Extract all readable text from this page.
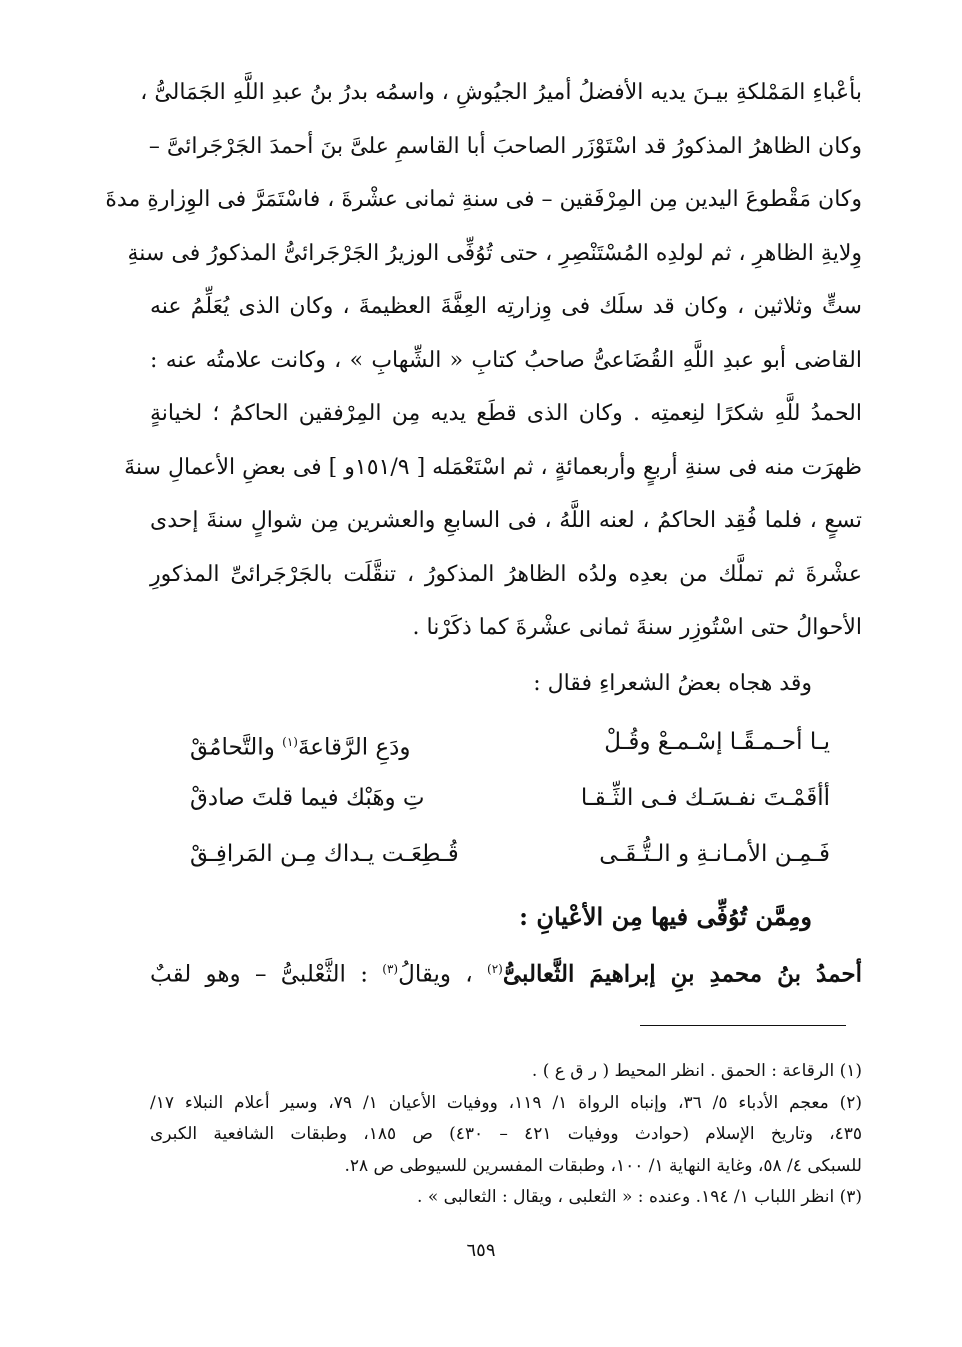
بأعْباءِ المَمْلكةِ بيـنَ يديه الأفضلُ أميرُ الجيُوشِ ، واسمُه بدرُ بنُ عبدِ اللَّهِ الجَمَالىُّ ،
وكان الظاهرُ المذكورُ قد اسْتَوْزَر الصاحبَ أبا القاسمِ علىَّ بنَ أحمدَ الجَرْجَرائىَّ –
وكان مَقْطوعَ اليدين مِن المِرْفَقين – فى سنةِ ثمانى عشْرةَ ، فاسْتَمَرَّ فى الوِزارةِ مدةَ
وِلايةِ الظاهرِ ، ثم لولدِه المُسْتَنْصِرِ ، حتى تُوُفِّى الوزيرُ الجَرْجَرائىُّ المذكورُ فى سنةِ
ستٍّ وثلاثين ، وكان قد سلَك فى وِزارتِه العِفَّةَ العظيمةَ ، وكان الذى يُعَلِّمُ عنه
القاضى أبو عبدِ اللَّهِ القُضَاعىُّ صاحبُ كتابِ « الشِّهابِ » ، وكانت علامتُه عنه :
الحمدُ للَّهِ شكرًا لنِعمتِه . وكان الذى قطَع يديه مِن المِرْفقين الحاكمُ ؛ لخيانةٍ
ظهرَت منه فى سنةِ أربعٍ وأربعمائةٍ ، ثم اسْتَعْمَله [ ١٥١/٩و ] فى بعضِ الأعمالِ سنةَ
تسعٍ ، فلما فُقِد الحاكمُ ، لعنه اللَّهُ ، فى السابعِ والعشرين مِن شوالٍ سنةَ إحدى
عشْرةَ ثم تملَّك من بعدِه ولدُه الظاهرُ المذكورُ ، تنقَّلَت بالجَرْجَرائىِّ المذكورِ
الأحوالُ حتى اسْتُوزِر سنةَ ثمانى عشْرةَ كما ذكَرْنا .
وقد هجاه بعضُ الشعراءِ فقال :
يـا أحـمـقًـا إسْـمـعْ وقُـلْ
ودَعِ الرَّقاعةَ$^{(١)}$ والتَّحامُقْ
أأقَمْـتَ نفـسَـك فـى الثِّـقـا
تِ وهَبْك فيما قلتَ صادقْ
فَـمِـن الأمـانـةِ و الـتُّـقَـى
قُـطِعَـت يـداك مِـن المَرافِـقْ
ومِمَّن تُوُفِّى فيها مِن الأعْيانِ :
أحمدُ بنُ محمدِ بنِ إبراهيمَ الثَّعالبىُّ$^{(٢)}$ ، ويقالُ$^{(٣)}$ : الثَّعْلبىُّ – وهو لقبٌ
(١) الرقاعة : الحمق . انظر المحيط ( ر ق ع ) .
(٢) معجم الأدباء ٥/ ٣٦، وإنباه الرواة ١/ ١١٩، ووفيات الأعيان ١/ ٧٩، وسير أعلام النبلاء ١٧/
٤٣٥، وتاريخ الإسلام (حوادث ووفيات ٤٢١ – ٤٣٠) ص ١٨٥، وطبقات الشافعية الكبرى
للسبكى ٤/ ٥٨، وغاية النهاية ١/ ١٠٠، وطبقات المفسرين للسيوطى ص ٢٨.
(٣) انظر اللباب ١/ ١٩٤. وعنده : « الثعلبى ، ويقال : الثعالبى » .
٦٥٩
